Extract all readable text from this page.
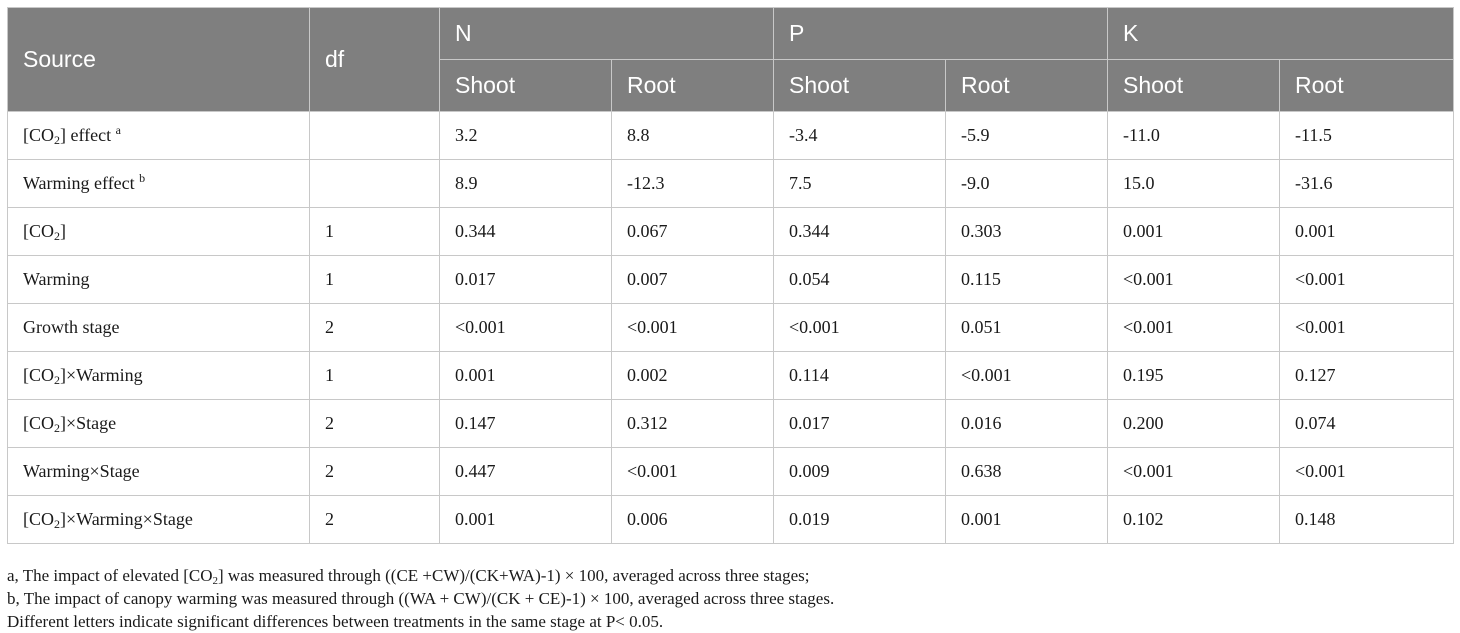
Source	df	N		P		K	
		Shoot	Root	Shoot	Root	Shoot	Root
$[CO_2]$ effect $^a$		3.2	8.8	-3.4	-5.9	-11.0	-11.5
Warming effect $^b$		8.9	-12.3	7.5	-9.0	15.0	-31.6
$[CO_2]$	1	0.344	0.067	0.344	0.303	0.001	0.001
Warming	1	0.017	0.007	0.054	0.115	<0.001	<0.001
Growth stage	2	<0.001	<0.001	<0.001	0.051	<0.001	<0.001
$[CO_2]\times Warming$	1	0.001	0.002	0.114	<0.001	0.195	0.127
$[CO_2]\times Stage$	2	0.147	0.312	0.017	0.016	0.200	0.074
Warming×Stage	2	0.447	<0.001	0.009	0.638	<0.001	<0.001
$[CO_2]\times Warming\times Stage$	2	0.001	0.006	0.019	0.001	0.102	0.148
a, The impact of elevated $[CO_2]$ was measured through ((CE +CW)/(CK+WA)-1) × 100, averaged across three stages;
b, The impact of canopy warming was measured through ((WA + CW)/(CK + CE)-1) × 100, averaged across three stages.
Different letters indicate significant differences between treatments in the same stage at P< 0.05.
